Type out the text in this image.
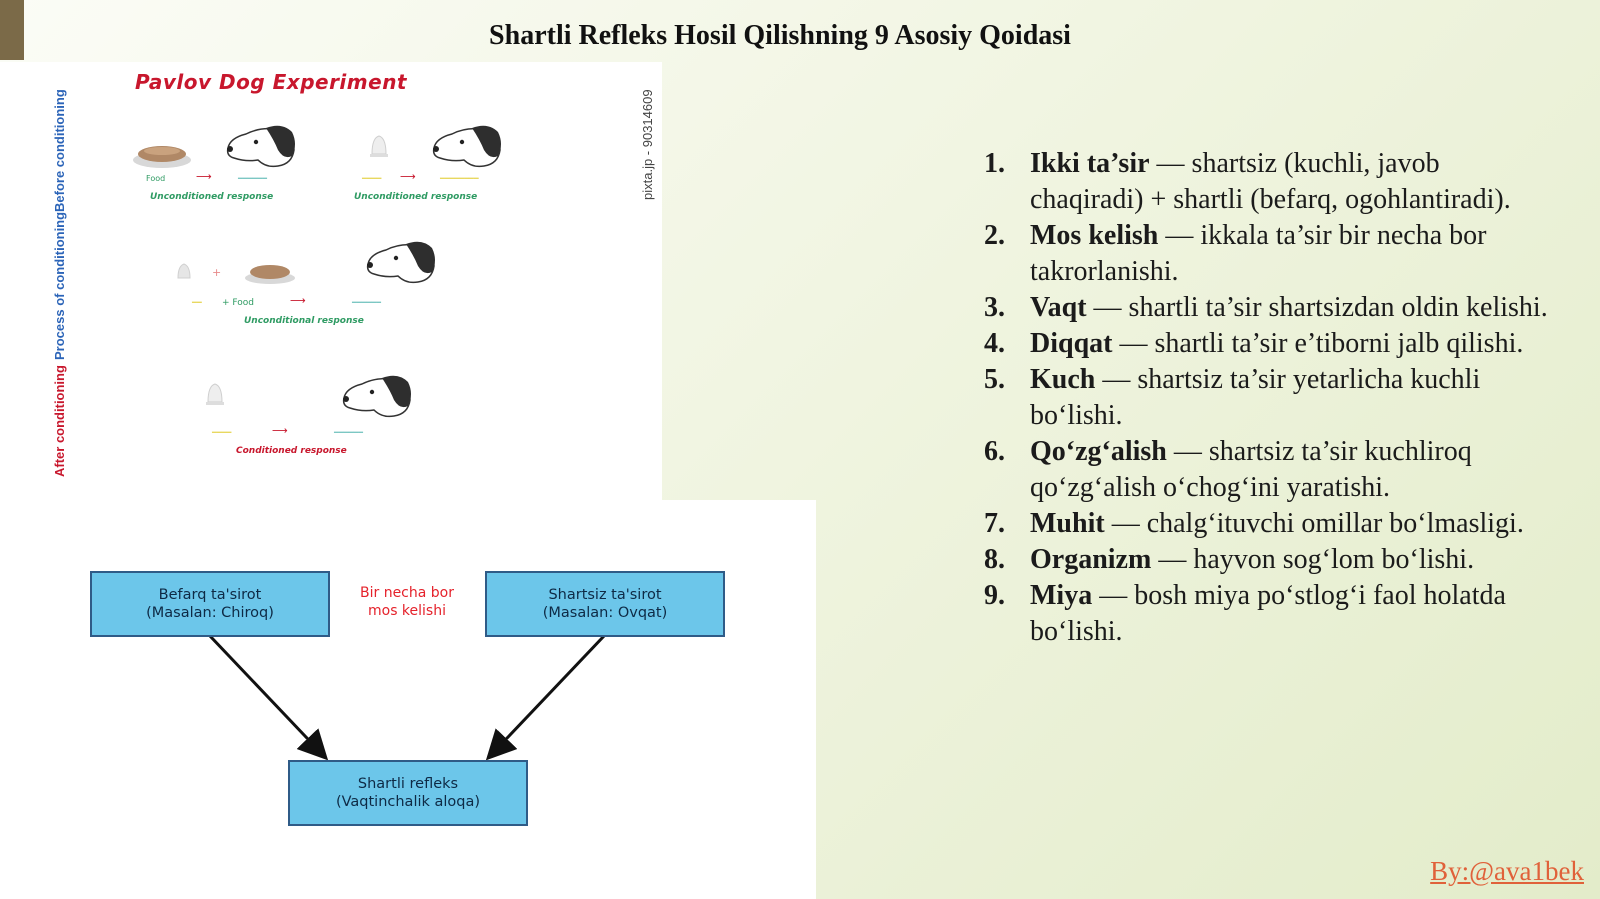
Shartli Refleks Hosil Qilishning 9 Asosiy Qoidasi
Pavlov Dog Experiment
Before conditioning
Process of conditioning
After conditioning
pixta.jp - 90314609
Food	⟶	━━━━━━
Unconditioned response
━━━━ ⟶	━━━━━━━━
Unconditioned response
+
━━ + Food	⟶	━━━━━━
Unconditional response
━━━━	⟶	━━━━━━
Conditioned response
Befarq ta'sirot
(Masalan: Chiroq)
Bir necha bor
mos kelishi
Shartsiz ta'sirot
(Masalan: Ovqat)
Shartli refleks
(Vaqtinchalik aloqa)
1. Ikki ta’sir — shartsiz (kuchli, javob chaqiradi) + shartli (befarq, ogohlantiradi).
2. Mos kelish — ikkala ta’sir bir necha bor takrorlanishi.
3. Vaqt — shartli ta’sir shartsizdan oldin kelishi.
4. Diqqat — shartli ta’sir e’tiborni jalb qilishi.
5. Kuch — shartsiz ta’sir yetarlicha kuchli bo‘lishi.
6. Qo‘zg‘alish — shartsiz ta’sir kuchliroq qo‘zg‘alish o‘chog‘ini yaratishi.
7. Muhit — chalg‘ituvchi omillar bo‘lmasligi.
8. Organizm — hayvon sog‘lom bo‘lishi.
9. Miya — bosh miya po‘stlog‘i faol holatda bo‘lishi.
By:@ava1bek
